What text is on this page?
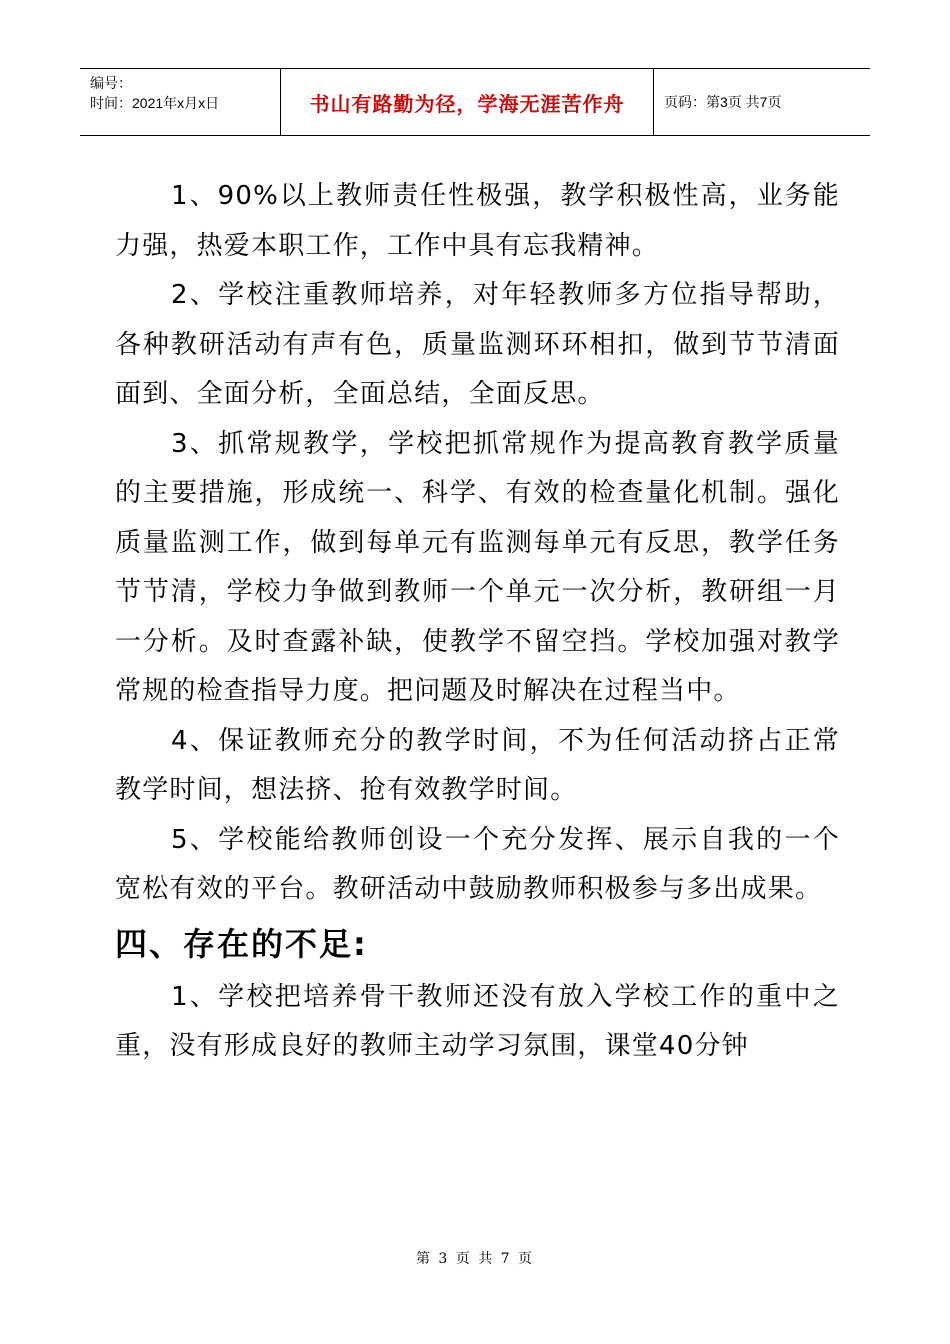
编号：
时间：2021年x月x日	书山有路勤为径，学海无涯苦作舟	页码：第3页 共7页

1、90%以上教师责任性极强，教学积极性高，业务能力强，热爱本职工作，工作中具有忘我精神。

2、学校注重教师培养，对年轻教师多方位指导帮助，各种教研活动有声有色，质量监测环环相扣，做到节节清面面到、全面分析，全面总结，全面反思。

3、抓常规教学，学校把抓常规作为提高教育教学质量的主要措施，形成统一、科学、有效的检查量化机制。强化质量监测工作，做到每单元有监测每单元有反思，教学任务节节清，学校力争做到教师一个单元一次分析，教研组一月一分析。及时查露补缺，使教学不留空挡。学校加强对教学常规的检查指导力度。把问题及时解决在过程当中。

4、保证教师充分的教学时间，不为任何活动挤占正常教学时间，想法挤、抢有效教学时间。

5、学校能给教师创设一个充分发挥、展示自我的一个宽松有效的平台。教研活动中鼓励教师积极参与多出成果。

四、存在的不足:

1、学校把培养骨干教师还没有放入学校工作的重中之重，没有形成良好的教师主动学习氛围，课堂40分钟

第 3 页 共 7 页
